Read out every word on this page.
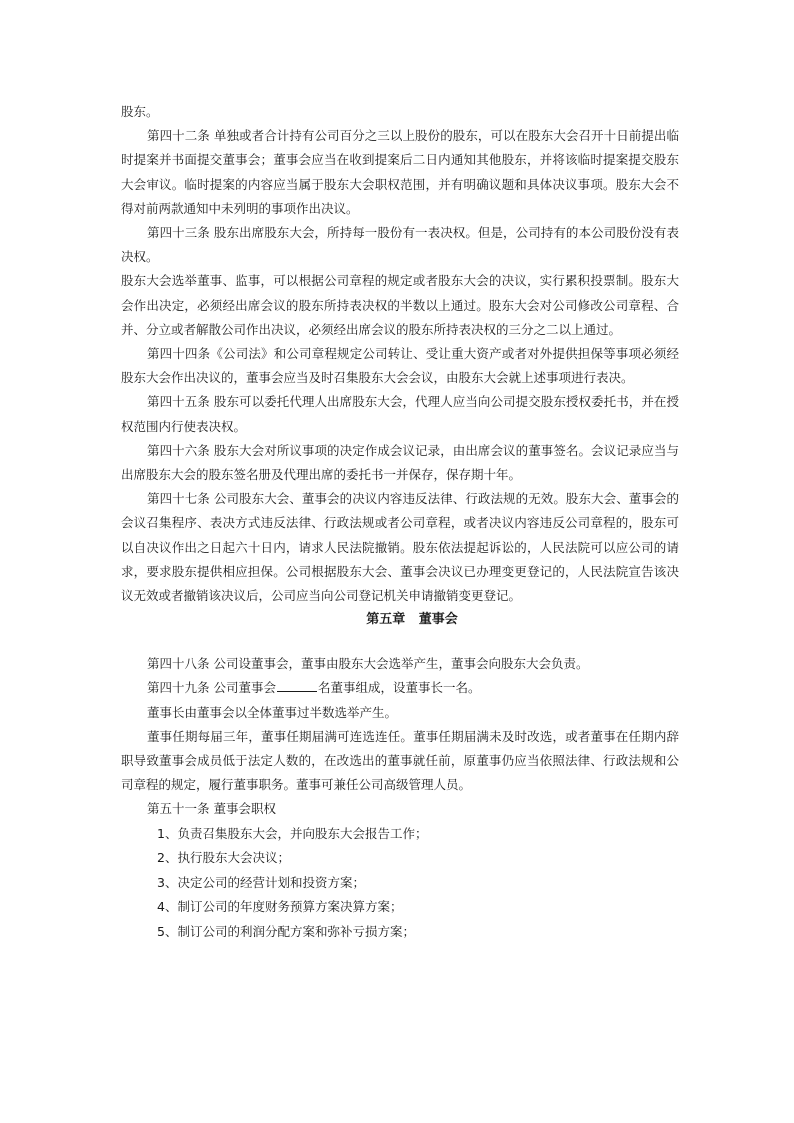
股东。

第四十二条 单独或者合计持有公司百分之三以上股份的股东，可以在股东大会召开十日前提出临时提案并书面提交董事会；董事会应当在收到提案后二日内通知其他股东，并将该临时提案提交股东大会审议。临时提案的内容应当属于股东大会职权范围，并有明确议题和具体决议事项。股东大会不得对前两款通知中未列明的事项作出决议。

第四十三条 股东出席股东大会，所持每一股份有一表决权。但是，公司持有的本公司股份没有表决权。

股东大会选举董事、监事，可以根据公司章程的规定或者股东大会的决议，实行累积投票制。股东大会作出决定，必须经出席会议的股东所持表决权的半数以上通过。股东大会对公司修改公司章程、合并、分立或者解散公司作出决议，必须经出席会议的股东所持表决权的三分之二以上通过。

第四十四条《公司法》和公司章程规定公司转让、受让重大资产或者对外提供担保等事项必须经股东大会作出决议的，董事会应当及时召集股东大会会议，由股东大会就上述事项进行表决。

第四十五条 股东可以委托代理人出席股东大会，代理人应当向公司提交股东授权委托书，并在授权范围内行使表决权。

第四十六条 股东大会对所议事项的决定作成会议记录，由出席会议的董事签名。会议记录应当与出席股东大会的股东签名册及代理出席的委托书一并保存，保存期十年。

第四十七条 公司股东大会、董事会的决议内容违反法律、行政法规的无效。股东大会、董事会的会议召集程序、表决方式违反法律、行政法规或者公司章程，或者决议内容违反公司章程的，股东可以自决议作出之日起六十日内，请求人民法院撤销。股东依法提起诉讼的，人民法院可以应公司的请求，要求股东提供相应担保。公司根据股东大会、董事会决议已办理变更登记的，人民法院宣告该决议无效或者撤销该决议后，公司应当向公司登记机关申请撤销变更登记。

第五章   董事会

第四十八条 公司设董事会，董事由股东大会选举产生，董事会向股东大会负责。

第四十九条 公司董事会	名董事组成，设董事长一名。

董事长由董事会以全体董事过半数选举产生。

董事任期每届三年，董事任期届满可连选连任。董事任期届满未及时改选，或者董事在任期内辞职导致董事会成员低于法定人数的，在改选出的董事就任前，原董事仍应当依照法律、行政法规和公司章程的规定，履行董事职务。董事可兼任公司高级管理人员。

第五十一条 董事会职权

1、负责召集股东大会，并向股东大会报告工作；

2、执行股东大会决议；

3、决定公司的经营计划和投资方案；

4、制订公司的年度财务预算方案决算方案；

5、制订公司的利润分配方案和弥补亏损方案；
